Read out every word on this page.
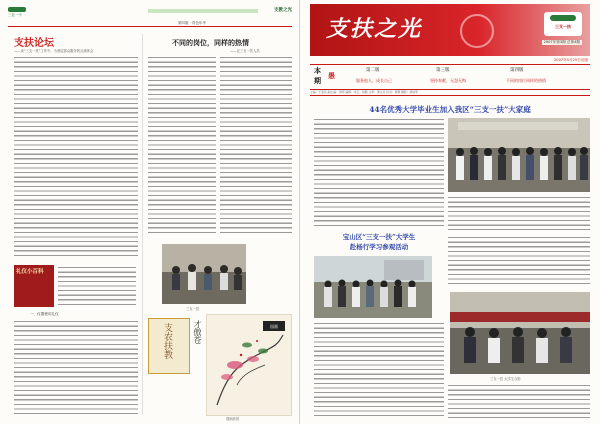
三亚一中
第四版 · 青色年华
支教之光
支扶论坛
——谈“三支一扶”工作中，为基层群众服务的点滴体会
礼仪小百科
一、仪器使用礼仪
不同的岗位，同样的热情
——记三支一扶人员
三支一扶
支农扶教	才傲苍	国画
国画欣赏
支扶之光	三支一扶
2007年第3期 总第4期
2007年5月25日出版
本
期
愚
第二版	第三版	第四版
服务他人，成长自己	坚持奉献，无怨无悔	不同的岗位同样的热情
主编：王爱民 副主编：李明 编辑：朱玉、杨勤 主审：黄文灵 校对：周顺 摄影：胡桂军
44名优秀大学毕业生加入我区“三支一扶”大家庭
宝山区“三支一扶”大学生
赴杨行学习参观活动
三支一扶 大学生合影
